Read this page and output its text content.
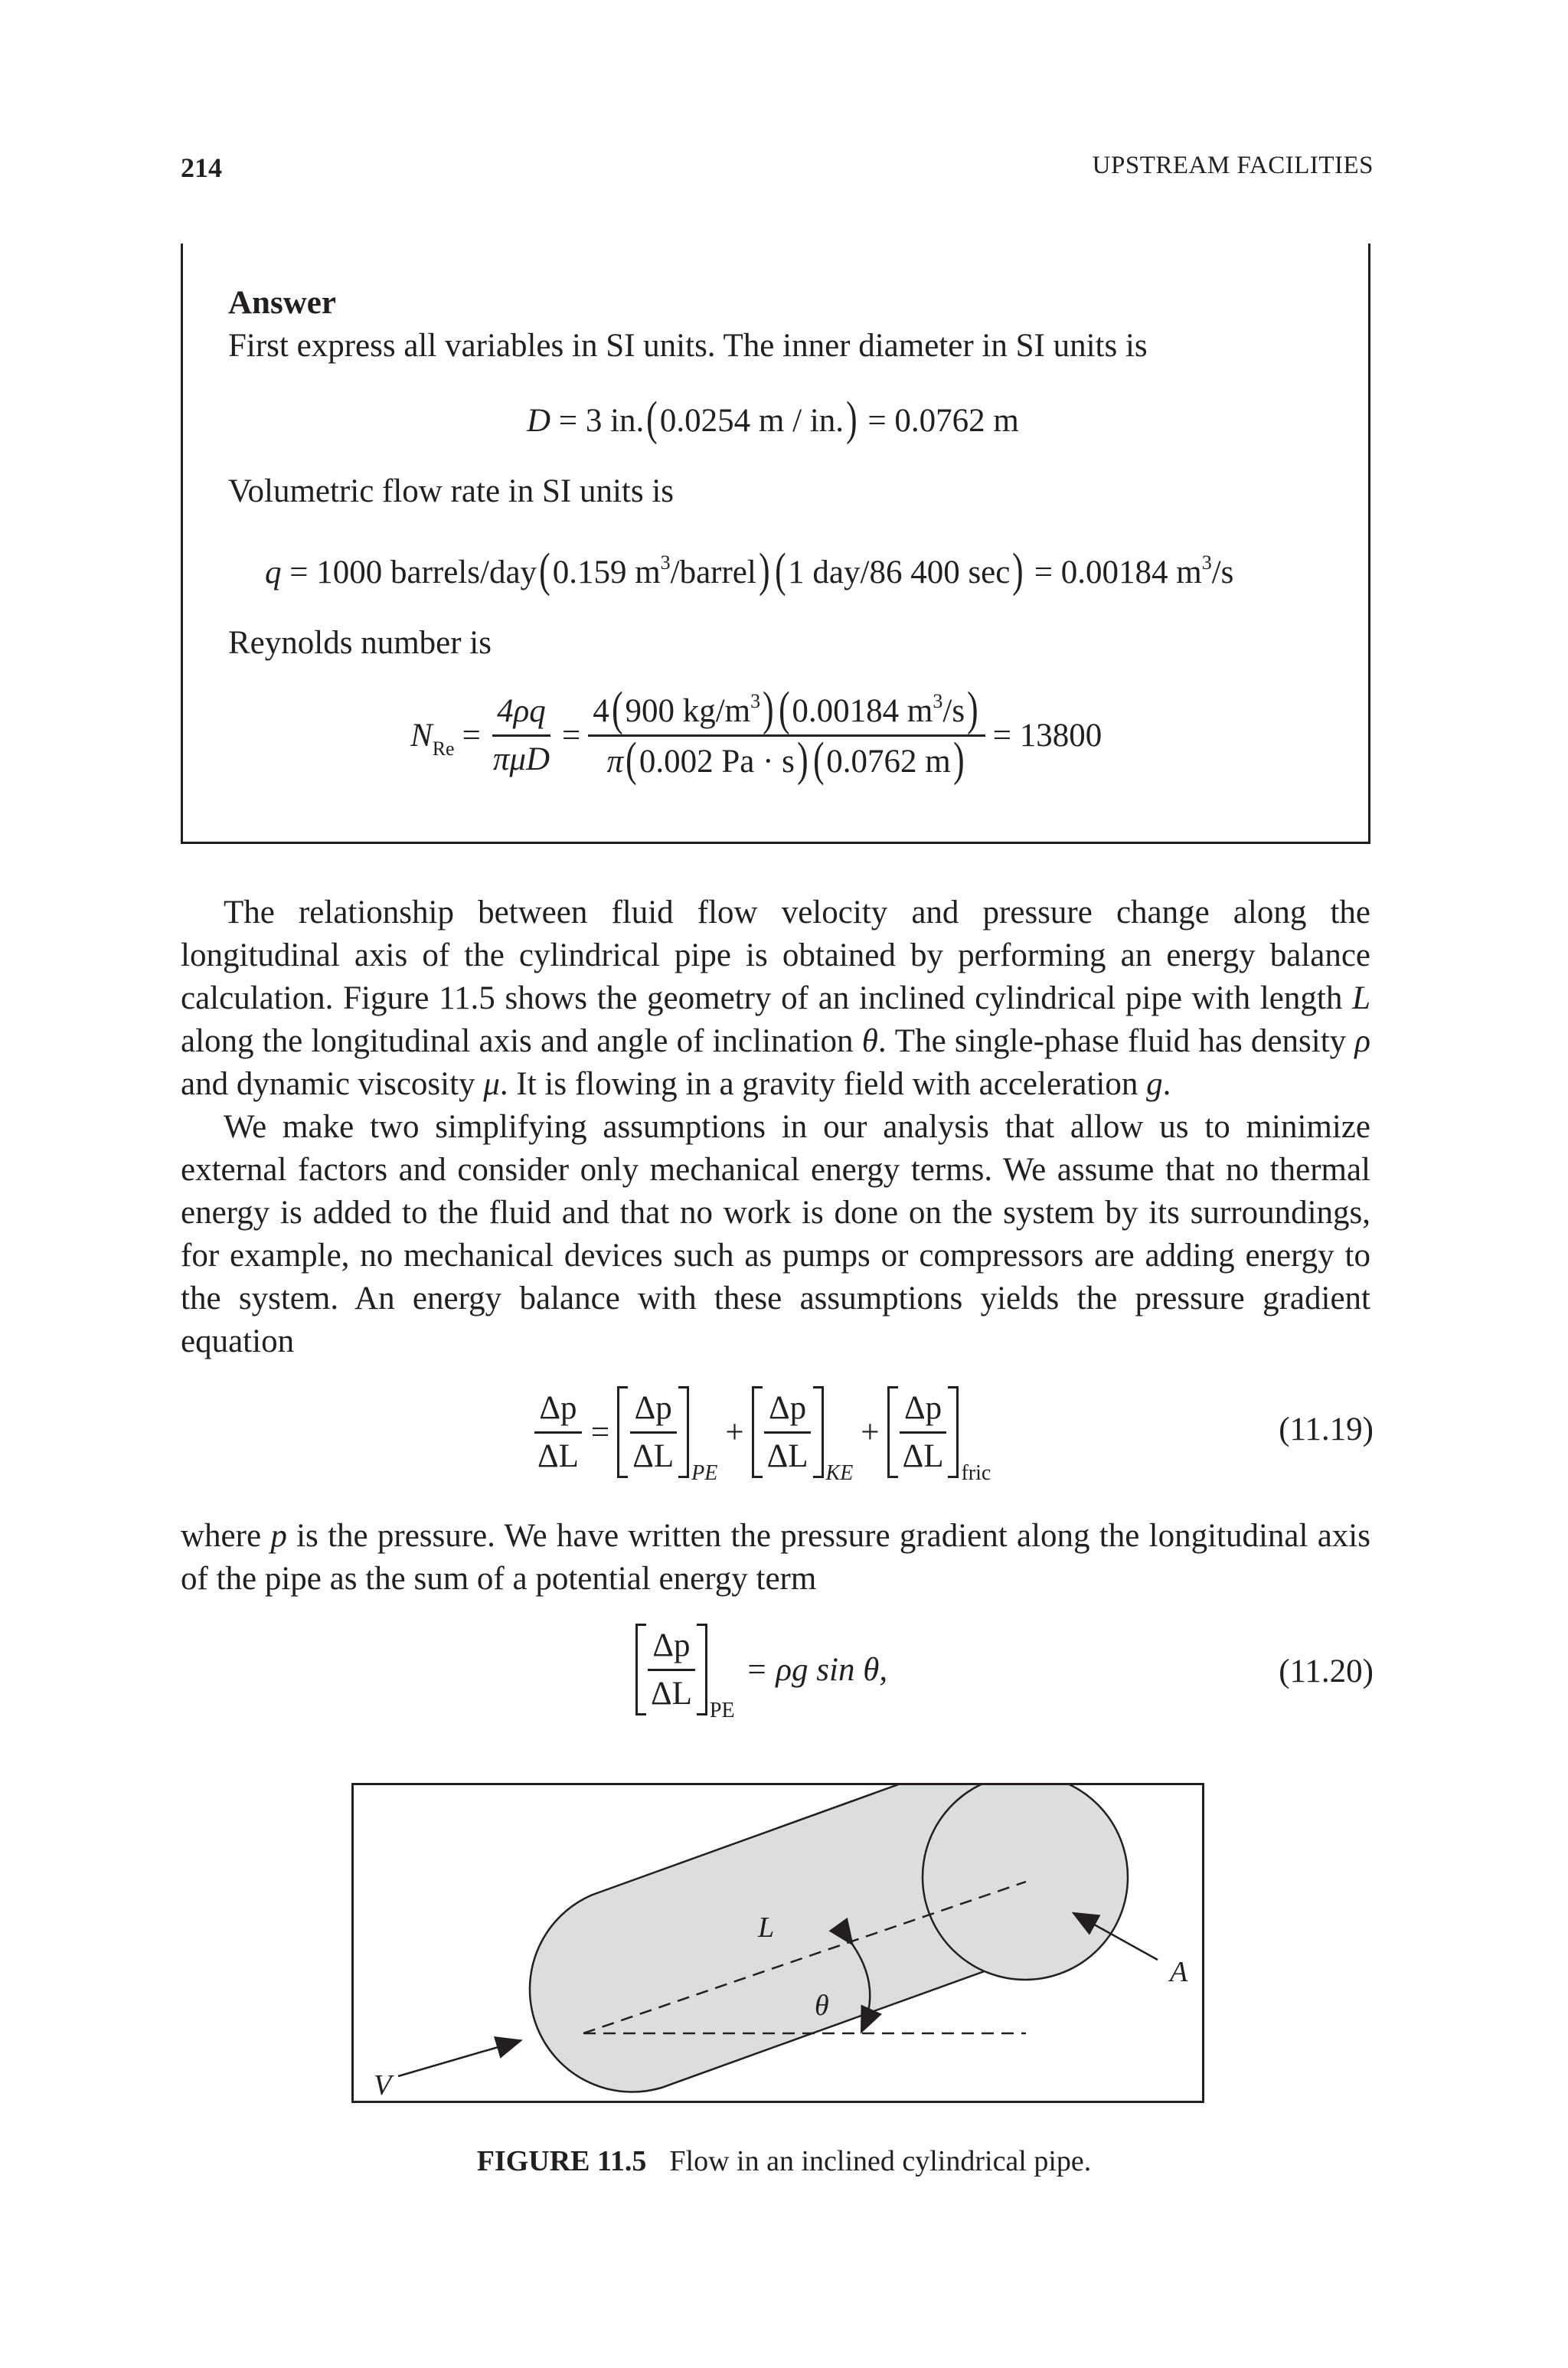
214	UPSTREAM FACILITIES
Answer
First express all variables in SI units. The inner diameter in SI units is
D = 3 in.(0.0254 m / in.) = 0.0762 m
Volumetric flow rate in SI units is
q = 1000 barrels/day(0.159 $m^3/barrel)(1$ day/86 400 sec) = 0.00184 $m^3/s$
Reynolds number is
$N_{Re} = \frac{4\rho q}{\text{πμD}} = \frac{4(900 kg/m^3)(0.00184 m^3/s)}{\pi(0.002 Pa \cdot s)(0.0762 m)} = 13800$
The relationship between fluid flow velocity and pressure change along the longitudinal axis of the cylindrical pipe is obtained by performing an energy balance calculation. Figure 11.5 shows the geometry of an inclined cylindrical pipe with length L along the longitudinal axis and angle of inclination θ. The single-phase fluid has density ρ and dynamic viscosity μ. It is flowing in a gravity field with acceleration g.
We make two simplifying assumptions in our analysis that allow us to minimize external factors and consider only mechanical energy terms. We assume that no thermal energy is added to the fluid and that no work is done on the system by its surroundings, for example, no mechanical devices such as pumps or compressors are adding energy to the system. An energy balance with these assumptions yields the pressure gradient equation
$\frac{\Delta p}{\Delta L} = \frac{\Delta p}{\Delta L}$ PE
+ $\frac{\Delta p}{\Delta L}$ KE
+ $\frac{\Delta p}{\Delta L}$ fric
(11.19)
where p is the pressure. We have written the pressure gradient along the longitudinal axis of the pipe as the sum of a potential energy term
$\frac{\Delta p}{\Delta L}$ PE
= ρg sin θ,	(11.20)
L
θ
A
V
FIGURE 11.5 Flow in an inclined cylindrical pipe.
